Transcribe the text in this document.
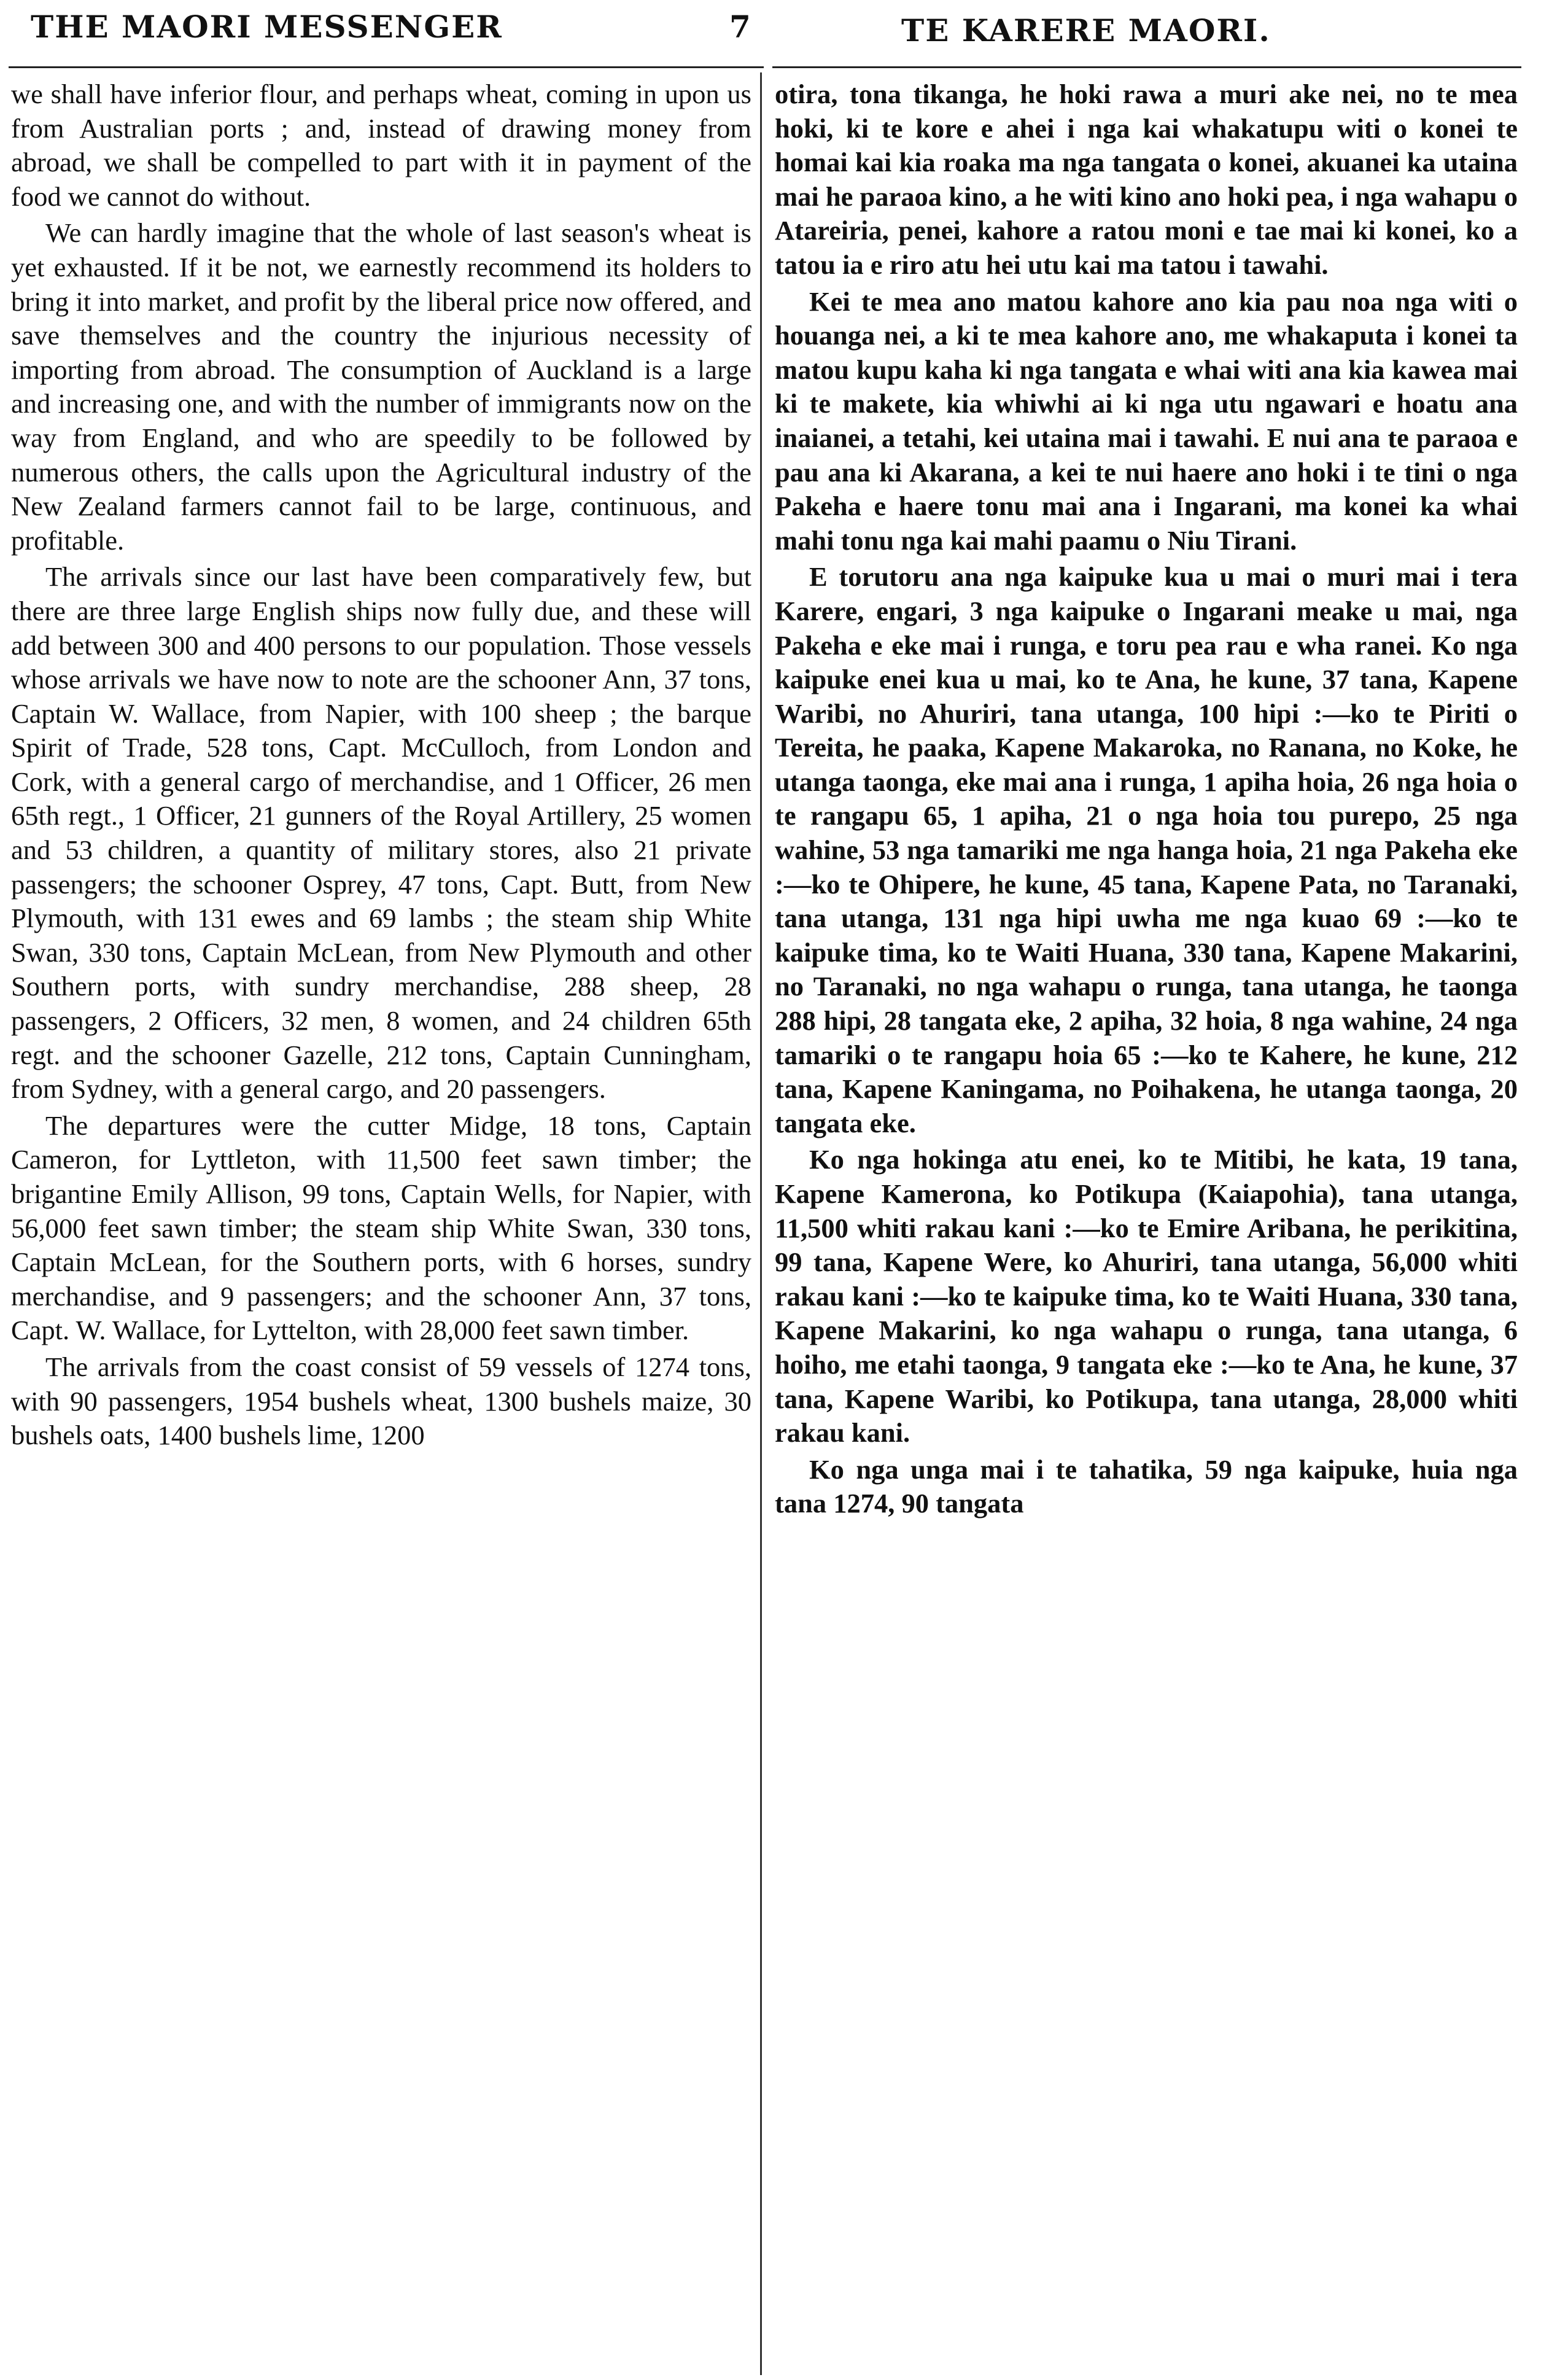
THE MAORI MESSENGER	7	TE KARERE MAORI.

we shall have inferior flour, and perhaps wheat, coming in upon us from Australian ports ; and, instead of drawing money from abroad, we shall be compelled to part with it in payment of the food we cannot do without.

We can hardly imagine that the whole of last season's wheat is yet exhausted. If it be not, we earnestly recommend its holders to bring it into market, and profit by the liberal price now offered, and save themselves and the country the injurious necessity of importing from abroad. The consumption of Auckland is a large and increasing one, and with the number of immigrants now on the way from England, and who are speedily to be followed by numerous others, the calls upon the Agricultural industry of the New Zealand farmers cannot fail to be large, continuous, and profitable.

The arrivals since our last have been comparatively few, but there are three large English ships now fully due, and these will add between 300 and 400 persons to our population. Those vessels whose arrivals we have now to note are the schooner Ann, 37 tons, Captain W. Wallace, from Napier, with 100 sheep ; the barque Spirit of Trade, 528 tons, Capt. McCulloch, from London and Cork, with a general cargo of merchandise, and 1 Officer, 26 men 65th regt., 1 Officer, 21 gunners of the Royal Artillery, 25 women and 53 children, a quantity of military stores, also 21 private passengers; the schooner Osprey, 47 tons, Capt. Butt, from New Plymouth, with 131 ewes and 69 lambs ; the steam ship White Swan, 330 tons, Captain McLean, from New Plymouth and other Southern ports, with sundry merchandise, 288 sheep, 28 passengers, 2 Officers, 32 men, 8 women, and 24 children 65th regt. and the schooner Gazelle, 212 tons, Captain Cunningham, from Sydney, with a general cargo, and 20 passengers.

The departures were the cutter Midge, 18 tons, Captain Cameron, for Lyttleton, with 11,500 feet sawn timber; the brigantine Emily Allison, 99 tons, Captain Wells, for Napier, with 56,000 feet sawn timber; the steam ship White Swan, 330 tons, Captain McLean, for the Southern ports, with 6 horses, sundry merchandise, and 9 passengers; and the schooner Ann, 37 tons, Capt. W. Wallace, for Lyttelton, with 28,000 feet sawn timber.

The arrivals from the coast consist of 59 vessels of 1274 tons, with 90 passengers, 1954 bushels wheat, 1300 bushels maize, 30 bushels oats, 1400 bushels lime, 1200

otira, tona tikanga, he hoki rawa a muri ake nei, no te mea hoki, ki te kore e ahei i nga kai whakatupu witi o konei te homai kai kia roaka ma nga tangata o konei, akuanei ka utaina mai he paraoa kino, a he witi kino ano hoki pea, i nga wahapu o Atareiria, penei, kahore a ratou moni e tae mai ki konei, ko a tatou ia e riro atu hei utu kai ma tatou i tawahi.

Kei te mea ano matou kahore ano kia pau noa nga witi o houanga nei, a ki te mea kahore ano, me whakaputa i konei ta matou kupu kaha ki nga tangata e whai witi ana kia kawea mai ki te makete, kia whiwhi ai ki nga utu ngawari e hoatu ana inaianei, a tetahi, kei utaina mai i tawahi. E nui ana te paraoa e pau ana ki Akarana, a kei te nui haere ano hoki i te tini o nga Pakeha e haere tonu mai ana i Ingarani, ma konei ka whai mahi tonu nga kai mahi paamu o Niu Tirani.

E torutoru ana nga kaipuke kua u mai o muri mai i tera Karere, engari, 3 nga kaipuke o Ingarani meake u mai, nga Pakeha e eke mai i runga, e toru pea rau e wha ranei. Ko nga kaipuke enei kua u mai, ko te Ana, he kune, 37 tana, Kapene Waribi, no Ahuriri, tana utanga, 100 hipi :—ko te Piriti o Tereita, he paaka, Kapene Makaroka, no Ranana, no Koke, he utanga taonga, eke mai ana i runga, 1 apiha hoia, 26 nga hoia o te rangapu 65, 1 apiha, 21 o nga hoia tou purepo, 25 nga wahine, 53 nga tamariki me nga hanga hoia, 21 nga Pakeha eke :—ko te Ohipere, he kune, 45 tana, Kapene Pata, no Taranaki, tana utanga, 131 nga hipi uwha me nga kuao 69 :—ko te kaipuke tima, ko te Waiti Huana, 330 tana, Kapene Makarini, no Taranaki, no nga wahapu o runga, tana utanga, he taonga 288 hipi, 28 tangata eke, 2 apiha, 32 hoia, 8 nga wahine, 24 nga tamariki o te rangapu hoia 65 :—ko te Kahere, he kune, 212 tana, Kapene Kaningama, no Poihakena, he utanga taonga, 20 tangata eke.

Ko nga hokinga atu enei, ko te Mitibi, he kata, 19 tana, Kapene Kamerona, ko Potikupa (Kaiapohia), tana utanga, 11,500 whiti rakau kani :—ko te Emire Aribana, he perikitina, 99 tana, Kapene Were, ko Ahuriri, tana utanga, 56,000 whiti rakau kani :—ko te kaipuke tima, ko te Waiti Huana, 330 tana, Kapene Makarini, ko nga wahapu o runga, tana utanga, 6 hoiho, me etahi taonga, 9 tangata eke :—ko te Ana, he kune, 37 tana, Kapene Waribi, ko Potikupa, tana utanga, 28,000 whiti rakau kani.

Ko nga unga mai i te tahatika, 59 nga kaipuke, huia nga tana 1274, 90 tangata
